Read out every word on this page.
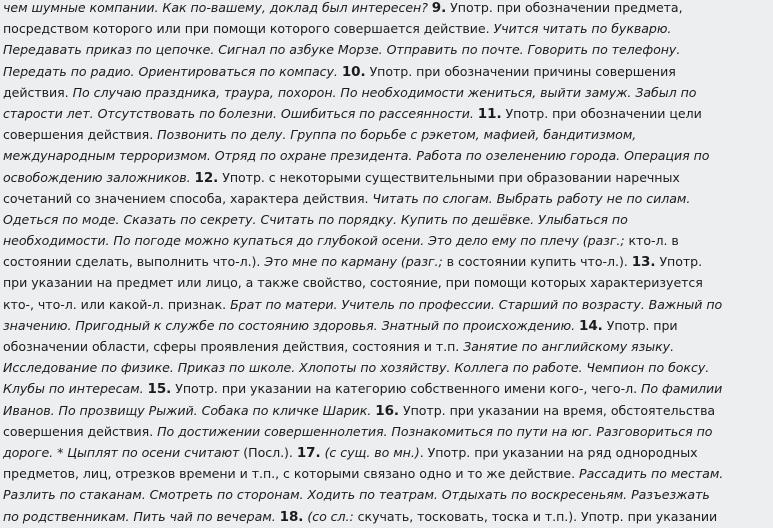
чем шумные компании. Как по-вашему, доклад был интересен? 9. Употр. при обозначении предмета,
посредством которого или при помощи которого совершается действие. Учится читать по букварю.
Передавать приказ по цепочке. Сигнал по азбуке Морзе. Отправить по почте. Говорить по телефону.
Передать по радио. Ориентироваться по компасу. 10. Употр. при обозначении причины совершения
действия. По случаю праздника, траура, похорон. По необходимости жениться, выйти замуж. Забыл по
старости лет. Отсутствовать по болезни. Ошибиться по рассеянности. 11. Употр. при обозначении цели
совершения действия. Позвонить по делу. Группа по борьбе с рэкетом, мафией, бандитизмом,
международным терроризмом. Отряд по охране президента. Работа по озеленению города. Операция по
освобождению заложников. 12. Употр. с некоторыми существительными при образовании наречных
сочетаний со значением способа, характера действия. Читать по слогам. Выбрать работу не по силам.
Одеться по моде. Сказать по секрету. Считать по порядку. Купить по дешёвке. Улыбаться по
необходимости. По погоде можно купаться до глубокой осени. Это дело ему по плечу (разг.; кто-л. в
состоянии сделать, выполнить что-л.). Это мне по карману (разг.; в состоянии купить что-л.). 13. Употр.
при указании на предмет или лицо, а также свойство, состояние, при помощи которых характеризуется
кто-, что-л. или какой-л. признак. Брат по матери. Учитель по профессии. Старший по возрасту. Важный по
значению. Пригодный к службе по состоянию здоровья. Знатный по происхождению. 14. Употр. при
обозначении области, сферы проявления действия, состояния и т.п. Занятие по английскому языку.
Исследование по физике. Приказ по школе. Хлопоты по хозяйству. Коллега по работе. Чемпион по боксу.
Клубы по интересам. 15. Употр. при указании на категорию собственного имени кого-, чего-л. По фамилии
Иванов. По прозвищу Рыжий. Собака по кличке Шарик. 16. Употр. при указании на время, обстоятельства
совершения действия. По достижении совершеннолетия. Познакомиться по пути на юг. Разговориться по
дороге. * Цыплят по осени считают (Посл.). 17. (с сущ. во мн.). Употр. при указании на ряд однородных
предметов, лиц, отрезков времени и т.п., с которыми связано одно и то же действие. Рассадить по местам.
Разлить по стаканам. Смотреть по сторонам. Ходить по театрам. Отдыхать по воскресеньям. Разъезжать
по родственникам. Пить чай по вечерам. 18. (со сл.: скучать, тосковать, тоска и т.п.). Употр. при указании
